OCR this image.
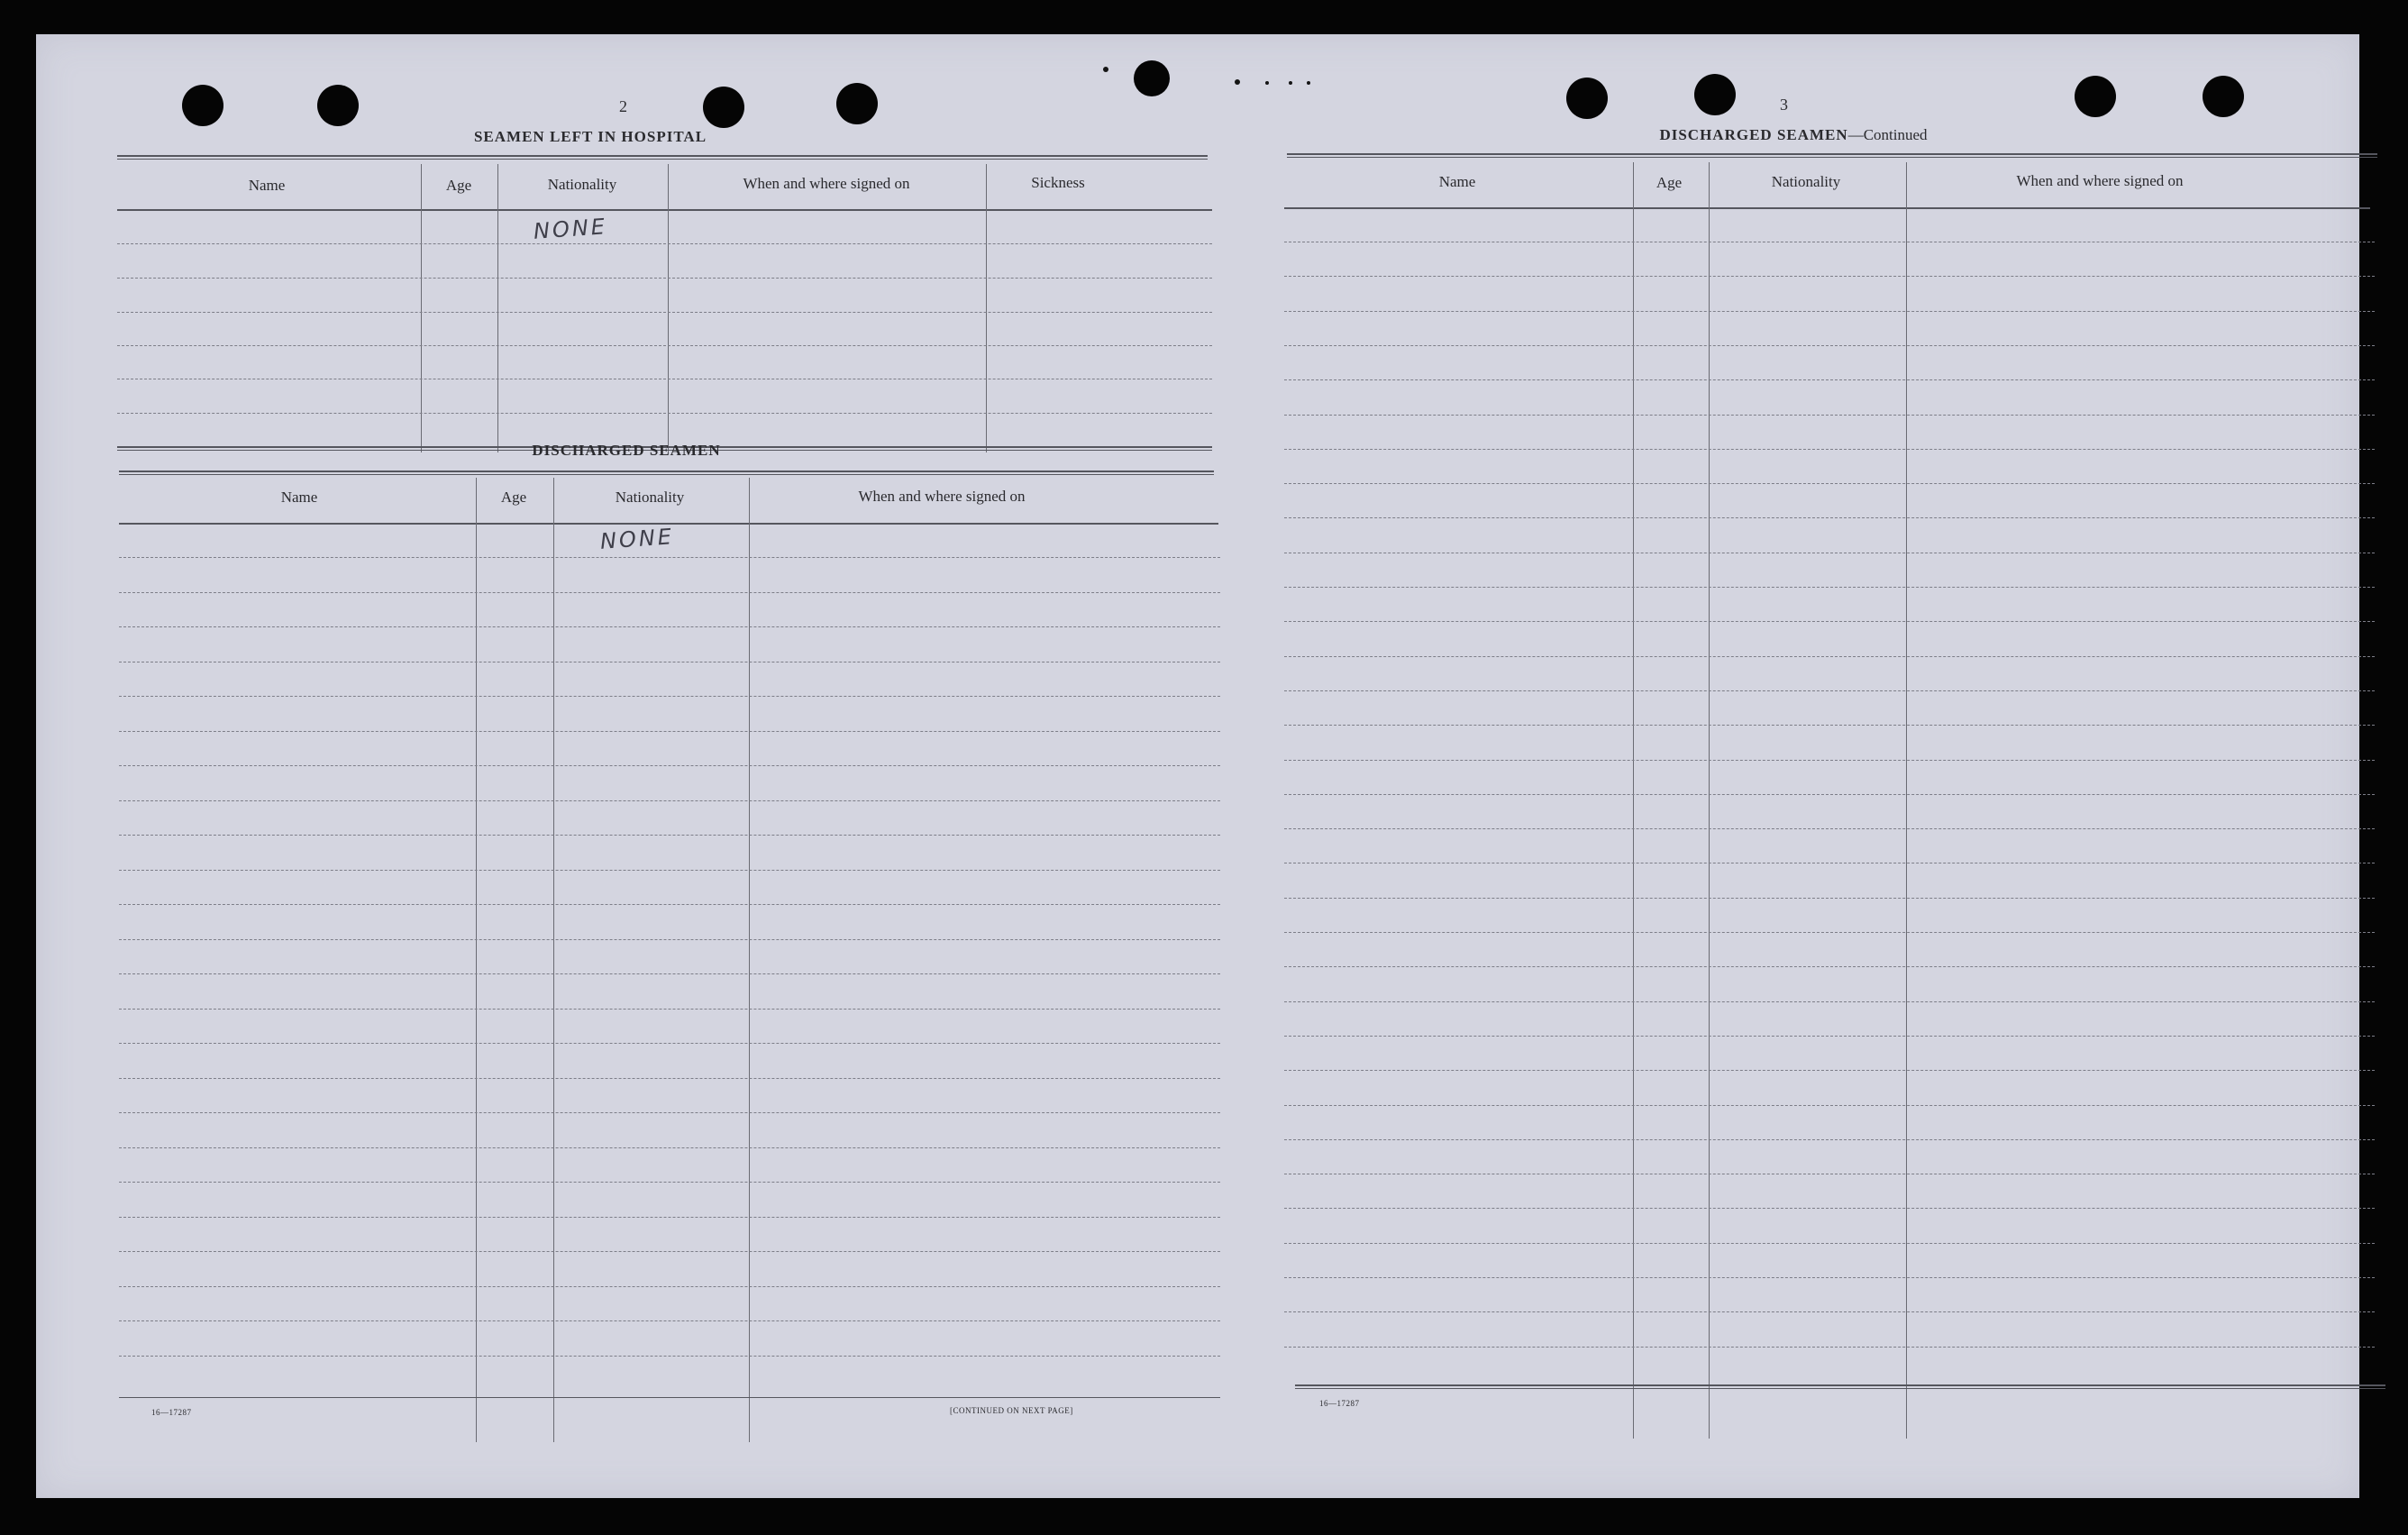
2
SEAMEN LEFT IN HOSPITAL
Name	Age	Nationality	When and where signed on	Sickness
NONE
DISCHARGED SEAMEN
Name	Age	Nationality	When and where signed on
NONE
16—17287	[CONTINUED ON NEXT PAGE]
3
DISCHARGED SEAMEN—Continued
Name	Age	Nationality	When and where signed on
16—17287
